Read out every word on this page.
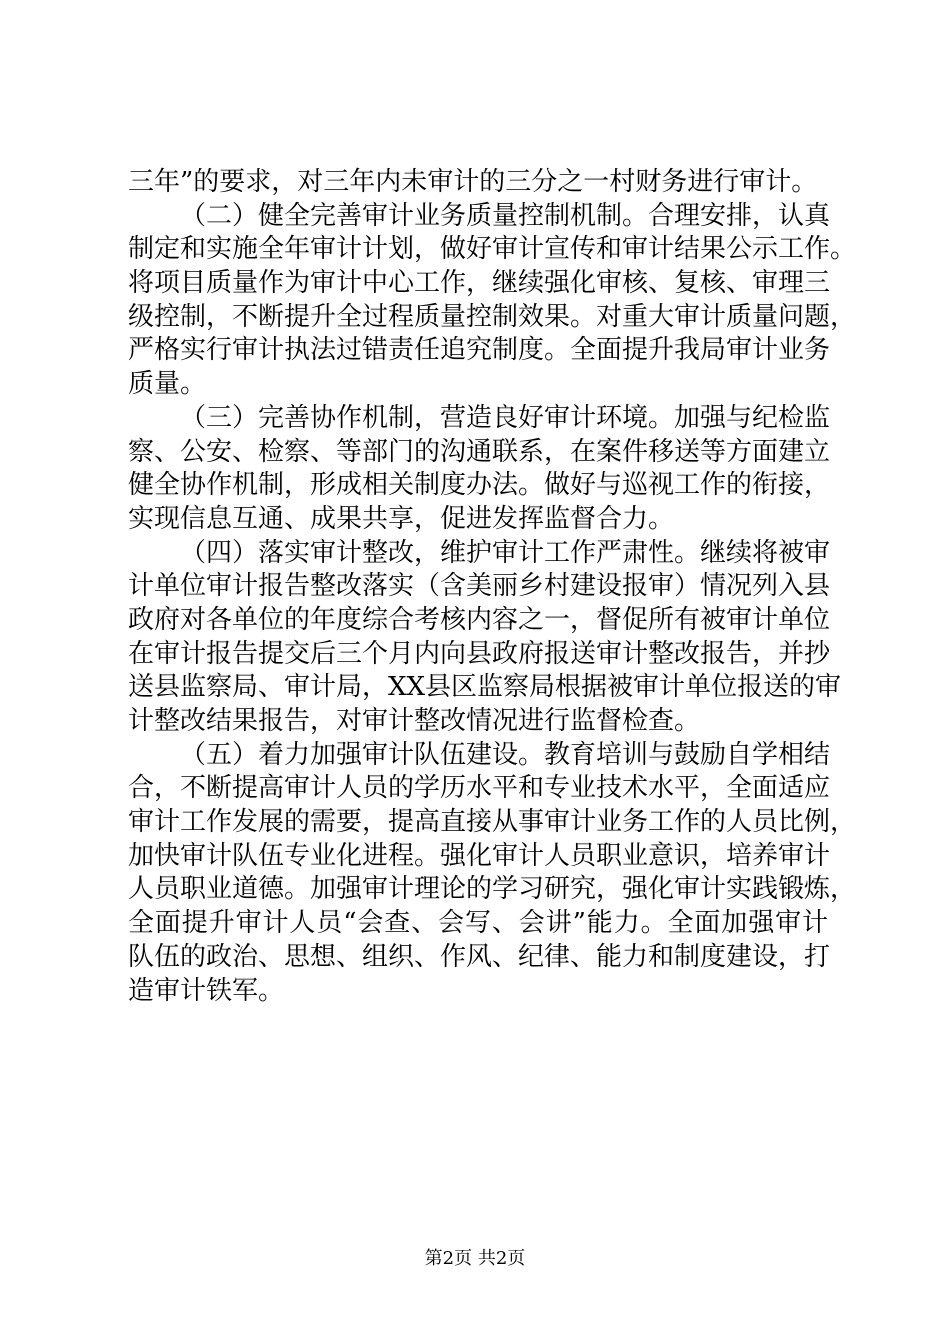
三年”的要求，对三年内未审计的三分之一村财务进行审计。
（二）健全完善审计业务质量控制机制。合理安排，认真
制定和实施全年审计计划，做好审计宣传和审计结果公示工作。
将项目质量作为审计中心工作，继续强化审核、复核、审理三
级控制，不断提升全过程质量控制效果。对重大审计质量问题，
严格实行审计执法过错责任追究制度。全面提升我局审计业务
质量。
（三）完善协作机制，营造良好审计环境。加强与纪检监
察、公安、检察、等部门的沟通联系，在案件移送等方面建立
健全协作机制，形成相关制度办法。做好与巡视工作的衔接，
实现信息互通、成果共享，促进发挥监督合力。
（四）落实审计整改，维护审计工作严肃性。继续将被审
计单位审计报告整改落实（含美丽乡村建设报审）情况列入县
政府对各单位的年度综合考核内容之一，督促所有被审计单位
在审计报告提交后三个月内向县政府报送审计整改报告，并抄
送县监察局、审计局，XX县区监察局根据被审计单位报送的审
计整改结果报告，对审计整改情况进行监督检查。
（五）着力加强审计队伍建设。教育培训与鼓励自学相结
合，不断提高审计人员的学历水平和专业技术水平，全面适应
审计工作发展的需要，提高直接从事审计业务工作的人员比例，
加快审计队伍专业化进程。强化审计人员职业意识，培养审计
人员职业道德。加强审计理论的学习研究，强化审计实践锻炼，
全面提升审计人员“会查、会写、会讲”能力。全面加强审计
队伍的政治、思想、组织、作风、纪律、能力和制度建设，打
造审计铁军。
第2页 共2页
